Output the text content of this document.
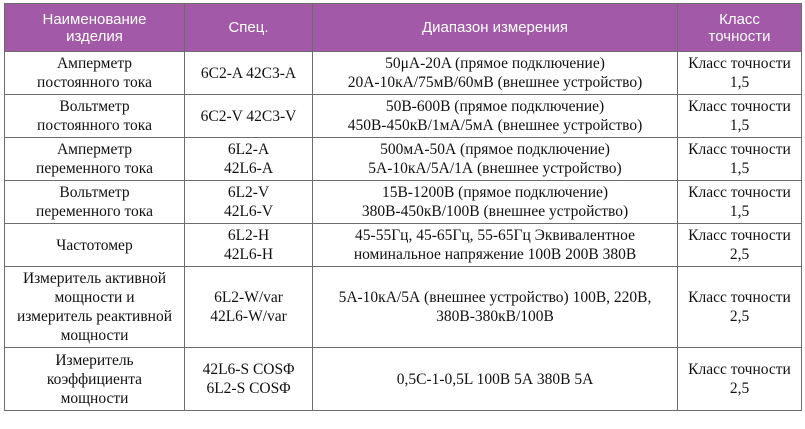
Наименование
изделия	Спец.	Диапазон измерения	Класс
точности

Амперметр
постоянного тока	6С2-A 42С3-A	50μA-20A (прямое подключение)
20А-10кА/75мВ/60мВ (внешнее устройство)	Класс точности
1,5

Вольтметр
постоянного тока	6С2-V 42С3-V	50В-600В (прямое подключение)
450В-450кВ/1мА/5мА (внешнее устройство)	Класс точности
1,5

Амперметр
переменного тока	6L2-A
42L6-A	500мА-50А (прямое подключение)
5А-10кА/5А/1А (внешнее устройство)	Класс точности
1,5

Вольтметр
переменного тока	6L2-V
42L6-V	15В-1200В (прямое подключение)
380В-450кВ/100В (внешнее устройство)	Класс точности
1,5

Частотомер	6L2-H
42L6-H	45-55Гц, 45-65Гц, 55-65Гц Эквивалентное
номинальное напряжение 100В 200В 380В	Класс точности
2,5

Измеритель активной
мощности и
измеритель реактивной
мощности	6L2-W/var
42L6-W/var	5А-10кА/5А (внешнее устройство) 100В, 220В,
380В-380кВ/100В	Класс точности
2,5

Измеритель
коэффициента
мощности	42L6-S COSΦ
6L2-S COSΦ	0,5С-1-0,5L 100В 5А 380В 5А	Класс точности
2,5
